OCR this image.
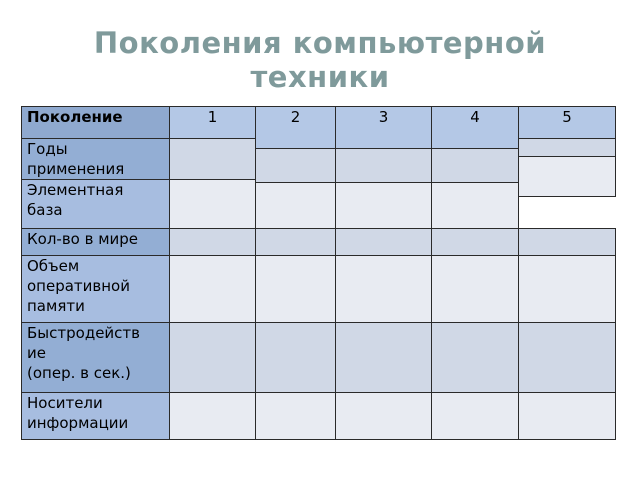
Поколения компьютерной
техники
Поколение	1	2	3	4	5

Годы
применения					

Элементная
база					

Кол-во в мире					

Объем
оперативной
памяти					

Быстродейств
ие
(опер. в сек.)					

Носители
информации					
